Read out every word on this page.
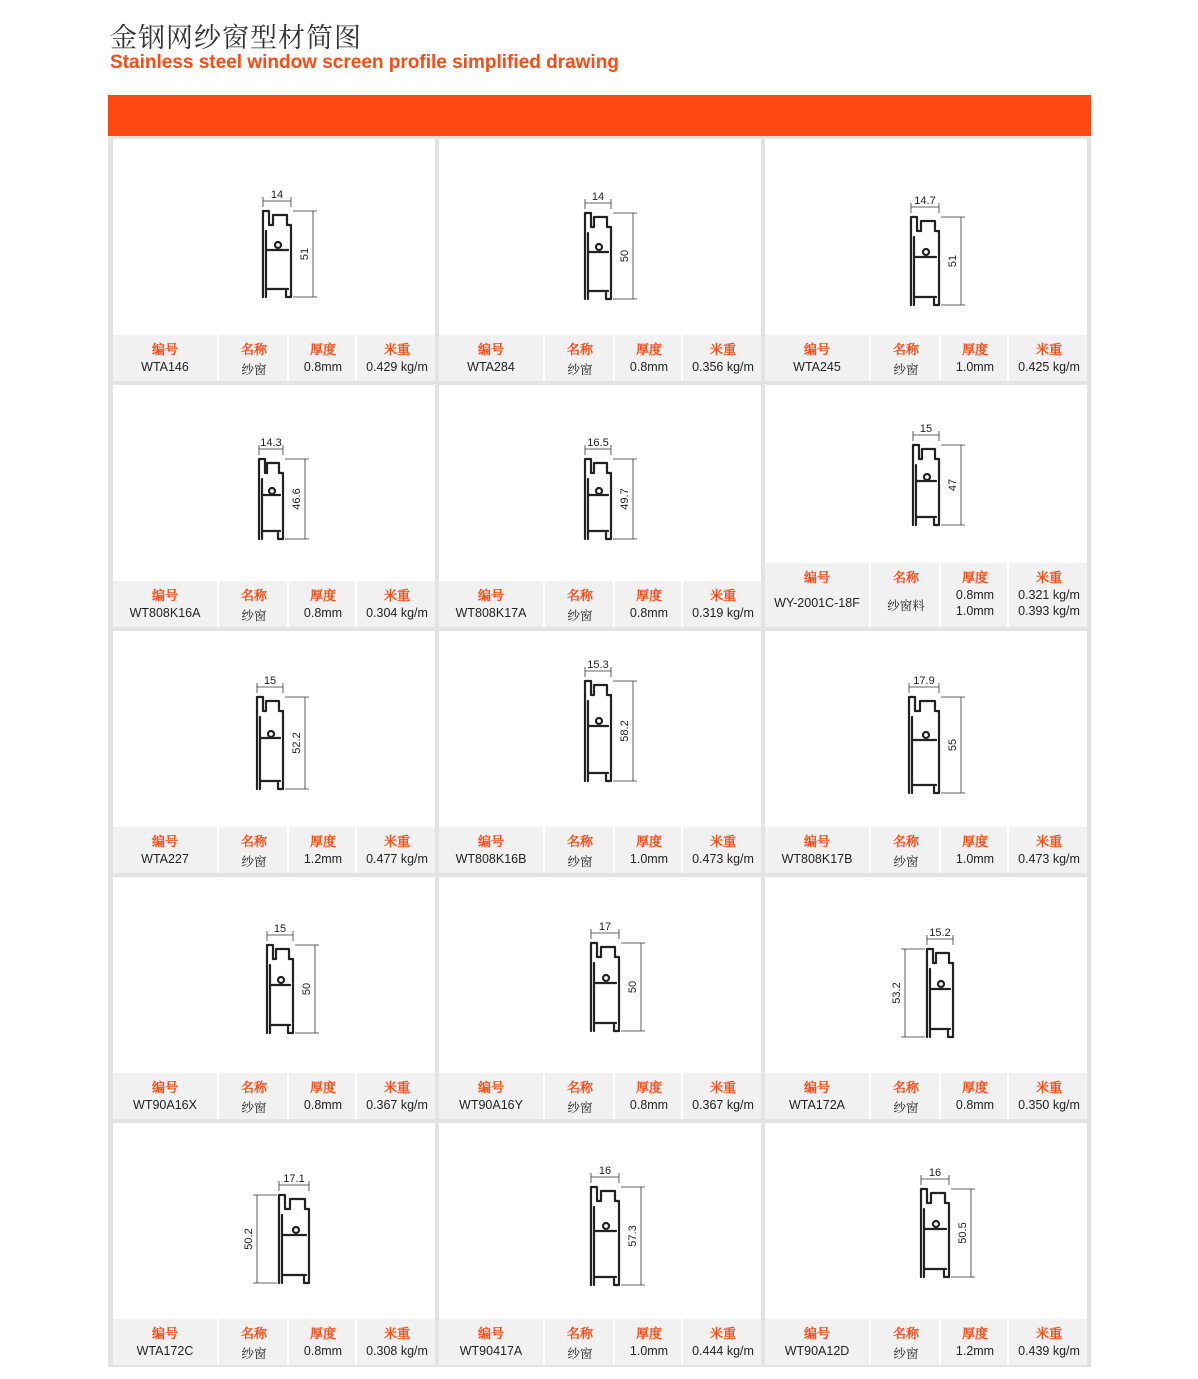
金钢网纱窗型材简图
Stainless steel window screen profile simplified drawing
14
51
编号
WTA146
名称
纱窗
厚度
0.8mm
米重
0.429 kg/m
14
50
编号
WTA284
名称
纱窗
厚度
0.8mm
米重
0.356 kg/m
14.7
51
编号
WTA245
名称
纱窗
厚度
1.0mm
米重
0.425 kg/m
14.3
46.6
编号
WT808K16A
名称
纱窗
厚度
0.8mm
米重
0.304 kg/m
16.5
49.7
编号
WT808K17A
名称
纱窗
厚度
0.8mm
米重
0.319 kg/m
15
47
编号
WY-2001C-18F
名称
纱窗料
厚度
0.8mm
1.0mm
米重
0.321 kg/m
0.393 kg/m
15
52.2
编号
WTA227
名称
纱窗
厚度
1.2mm
米重
0.477 kg/m
15.3
58.2
编号
WT808K16B
名称
纱窗
厚度
1.0mm
米重
0.473 kg/m
17.9
55
编号
WT808K17B
名称
纱窗
厚度
1.0mm
米重
0.473 kg/m
15
50
编号
WT90A16X
名称
纱窗
厚度
0.8mm
米重
0.367 kg/m
17
50
编号
WT90A16Y
名称
纱窗
厚度
0.8mm
米重
0.367 kg/m
15.2
53.2
编号
WTA172A
名称
纱窗
厚度
0.8mm
米重
0.350 kg/m
17.1
50.2
编号
WTA172C
名称
纱窗
厚度
0.8mm
米重
0.308 kg/m
16
57.3
编号
WT90417A
名称
纱窗
厚度
1.0mm
米重
0.444 kg/m
16
50.5
编号
WT90A12D
名称
纱窗
厚度
1.2mm
米重
0.439 kg/m
